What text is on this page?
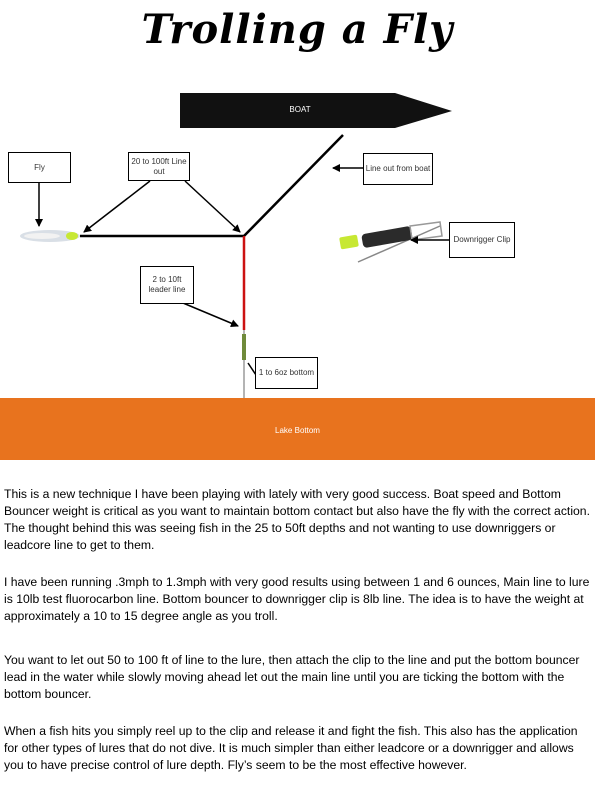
Trolling a Fly
BOAT
Fly
20 to 100ft Line out	Line out from boat
Downrigger Clip
2 to 10ft leader line
1 to 6oz bottom
Lake Bottom

This is a new technique I have been playing with lately with very good success. Boat speed and Bottom Bouncer weight is critical as you want to maintain bottom contact but also have the fly with the correct action. The thought behind this was seeing fish in the 25 to 50ft depths and not wanting to use downriggers or leadcore line to get to them.

I have been running .3mph to 1.3mph with very good results using between 1 and 6 ounces, Main line to lure is 10lb test fluorocarbon line. Bottom bouncer to downrigger clip is 8lb line. The idea is to have the weight at approximately a 10 to 15 degree angle as you troll.

You want to let out 50 to 100 ft of line to the lure, then attach the clip to the line and put the bottom bouncer lead in the water while slowly moving ahead let out the main line until you are ticking the bottom with the bottom bouncer.

When a fish hits you simply reel up to the clip and release it and fight the fish. This also has the application for other types of lures that do not dive. It is much simpler than either leadcore or a downrigger and allows you to have precise control of lure depth. Fly’s seem to be the most effective however.
